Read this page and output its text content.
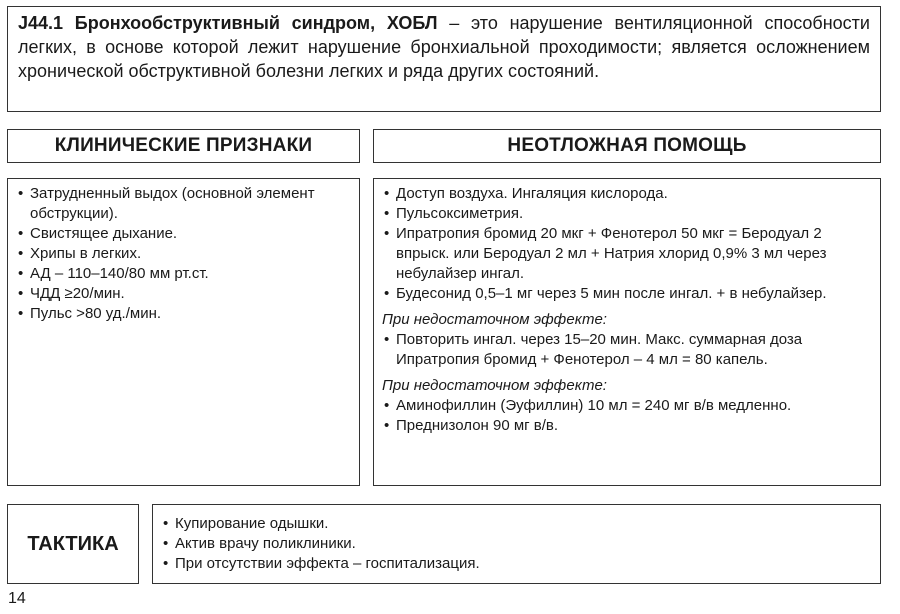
J44.1 Бронхообструктивный синдром, ХОБЛ – это нарушение вентиляционной способности легких, в основе которой лежит нарушение бронхиальной проходимости; является осложнением хронической обструктивной болезни легких и ряда других состояний.
КЛИНИЧЕСКИЕ ПРИЗНАКИ	НЕОТЛОЖНАЯ ПОМОЩЬ
• Затрудненный выдох (основной элемент обструкции).
• Свистящее дыхание.
• Хрипы в легких.
• АД – 110–140/80 мм рт.ст.
• ЧДД ≥20/мин.
• Пульс >80 уд./мин.
• Доступ воздуха. Ингаляция кислорода.
• Пульсоксиметрия.
• Ипратропия бромид 20 мкг + Фенотерол 50 мкг = Беродуал 2 впрыск. или Беродуал 2 мл + Натрия хлорид 0,9% 3 мл через небулайзер ингал.
• Будесонид 0,5–1 мг через 5 мин после ингал. + в небулайзер.
При недостаточном эффекте:
• Повторить ингал. через 15–20 мин. Макс. суммарная доза Ипратропия бромид + Фенотерол – 4 мл = 80 капель.
При недостаточном эффекте:
• Аминофиллин (Эуфиллин) 10 мл = 240 мг в/в медленно.
• Преднизолон 90 мг в/в.
ТАКТИКА
• Купирование одышки.
• Актив врачу поликлиники.
• При отсутствии эффекта – госпитализация.
14
